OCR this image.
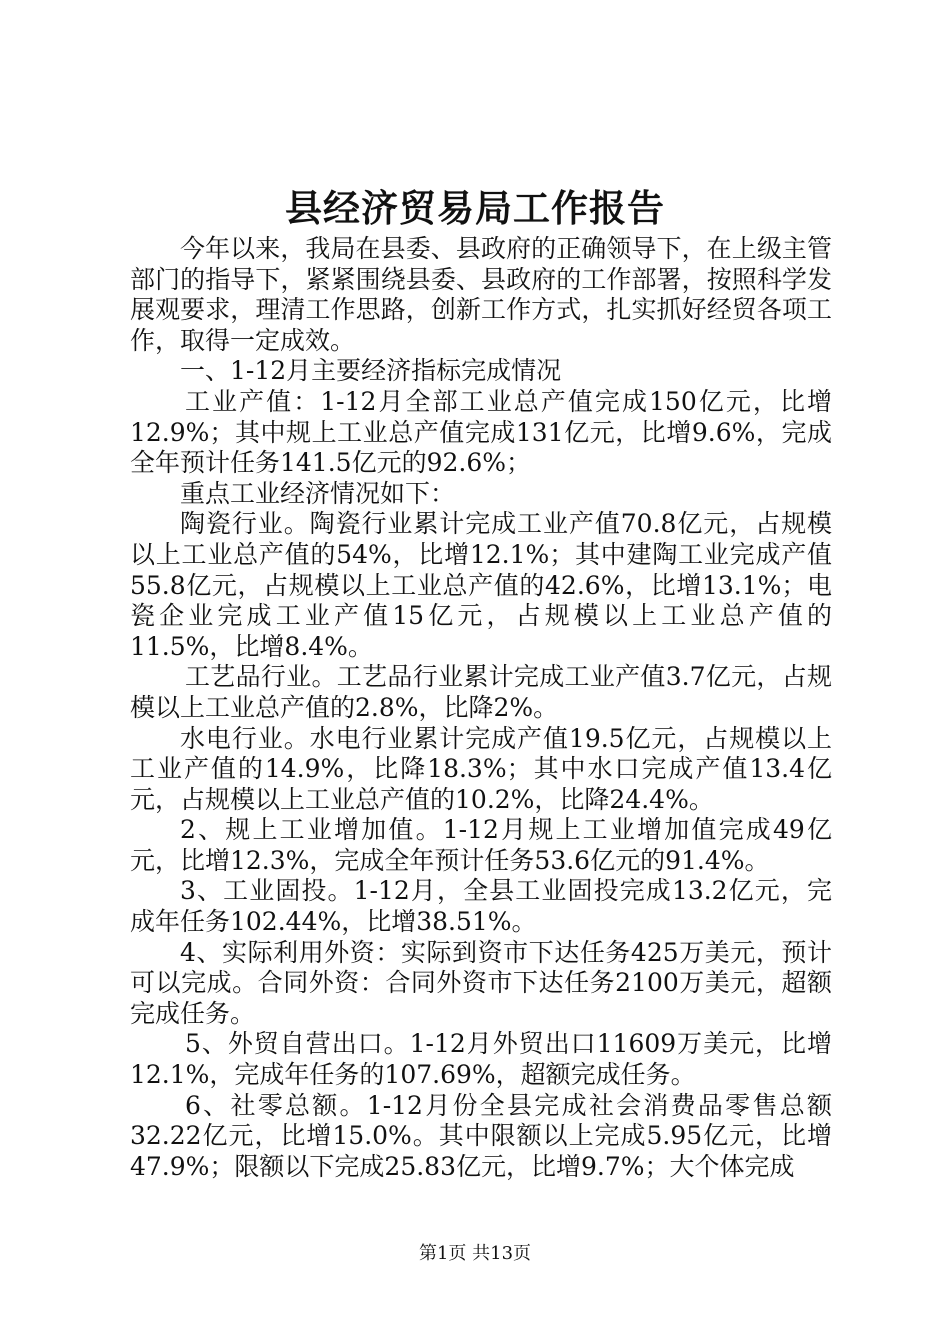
县经济贸易局工作报告

今年以来，我局在县委、县政府的正确领导下，在上级主管部门的指导下，紧紧围绕县委、县政府的工作部署，按照科学发展观要求，理清工作思路，创新工作方式，扎实抓好经贸各项工作，取得一定成效。

一、1-12月主要经济指标完成情况

工业产值：1-12月全部工业总产值完成150亿元，比增12.9%；其中规上工业总产值完成131亿元，比增9.6%，完成全年预计任务141.5亿元的92.6%；

重点工业经济情况如下：

陶瓷行业。陶瓷行业累计完成工业产值70.8亿元，占规模以上工业总产值的54%，比增12.1%；其中建陶工业完成产值55.8亿元，占规模以上工业总产值的42.6%，比增13.1%；电瓷企业完成工业产值15亿元，占规模以上工业总产值的11.5%，比增8.4%。

工艺品行业。工艺品行业累计完成工业产值3.7亿元，占规模以上工业总产值的2.8%，比降2%。

水电行业。水电行业累计完成产值19.5亿元，占规模以上工业产值的14.9%，比降18.3%；其中水口完成产值13.4亿元，占规模以上工业总产值的10.2%，比降24.4%。

2、规上工业增加值。1-12月规上工业增加值完成49亿元，比增12.3%，完成全年预计任务53.6亿元的91.4%。

3、工业固投。1-12月，全县工业固投完成13.2亿元，完成年任务102.44%，比增38.51%。

4、实际利用外资：实际到资市下达任务425万美元，预计可以完成。合同外资：合同外资市下达任务2100万美元，超额完成任务。

5、外贸自营出口。1-12月外贸出口11609万美元，比增12.1%，完成年任务的107.69%，超额完成任务。

6、社零总额。1-12月份全县完成社会消费品零售总额32.22亿元，比增15.0%。其中限额以上完成5.95亿元，比增47.9%；限额以下完成25.83亿元，比增9.7%；大个体完成

第1页 共13页
